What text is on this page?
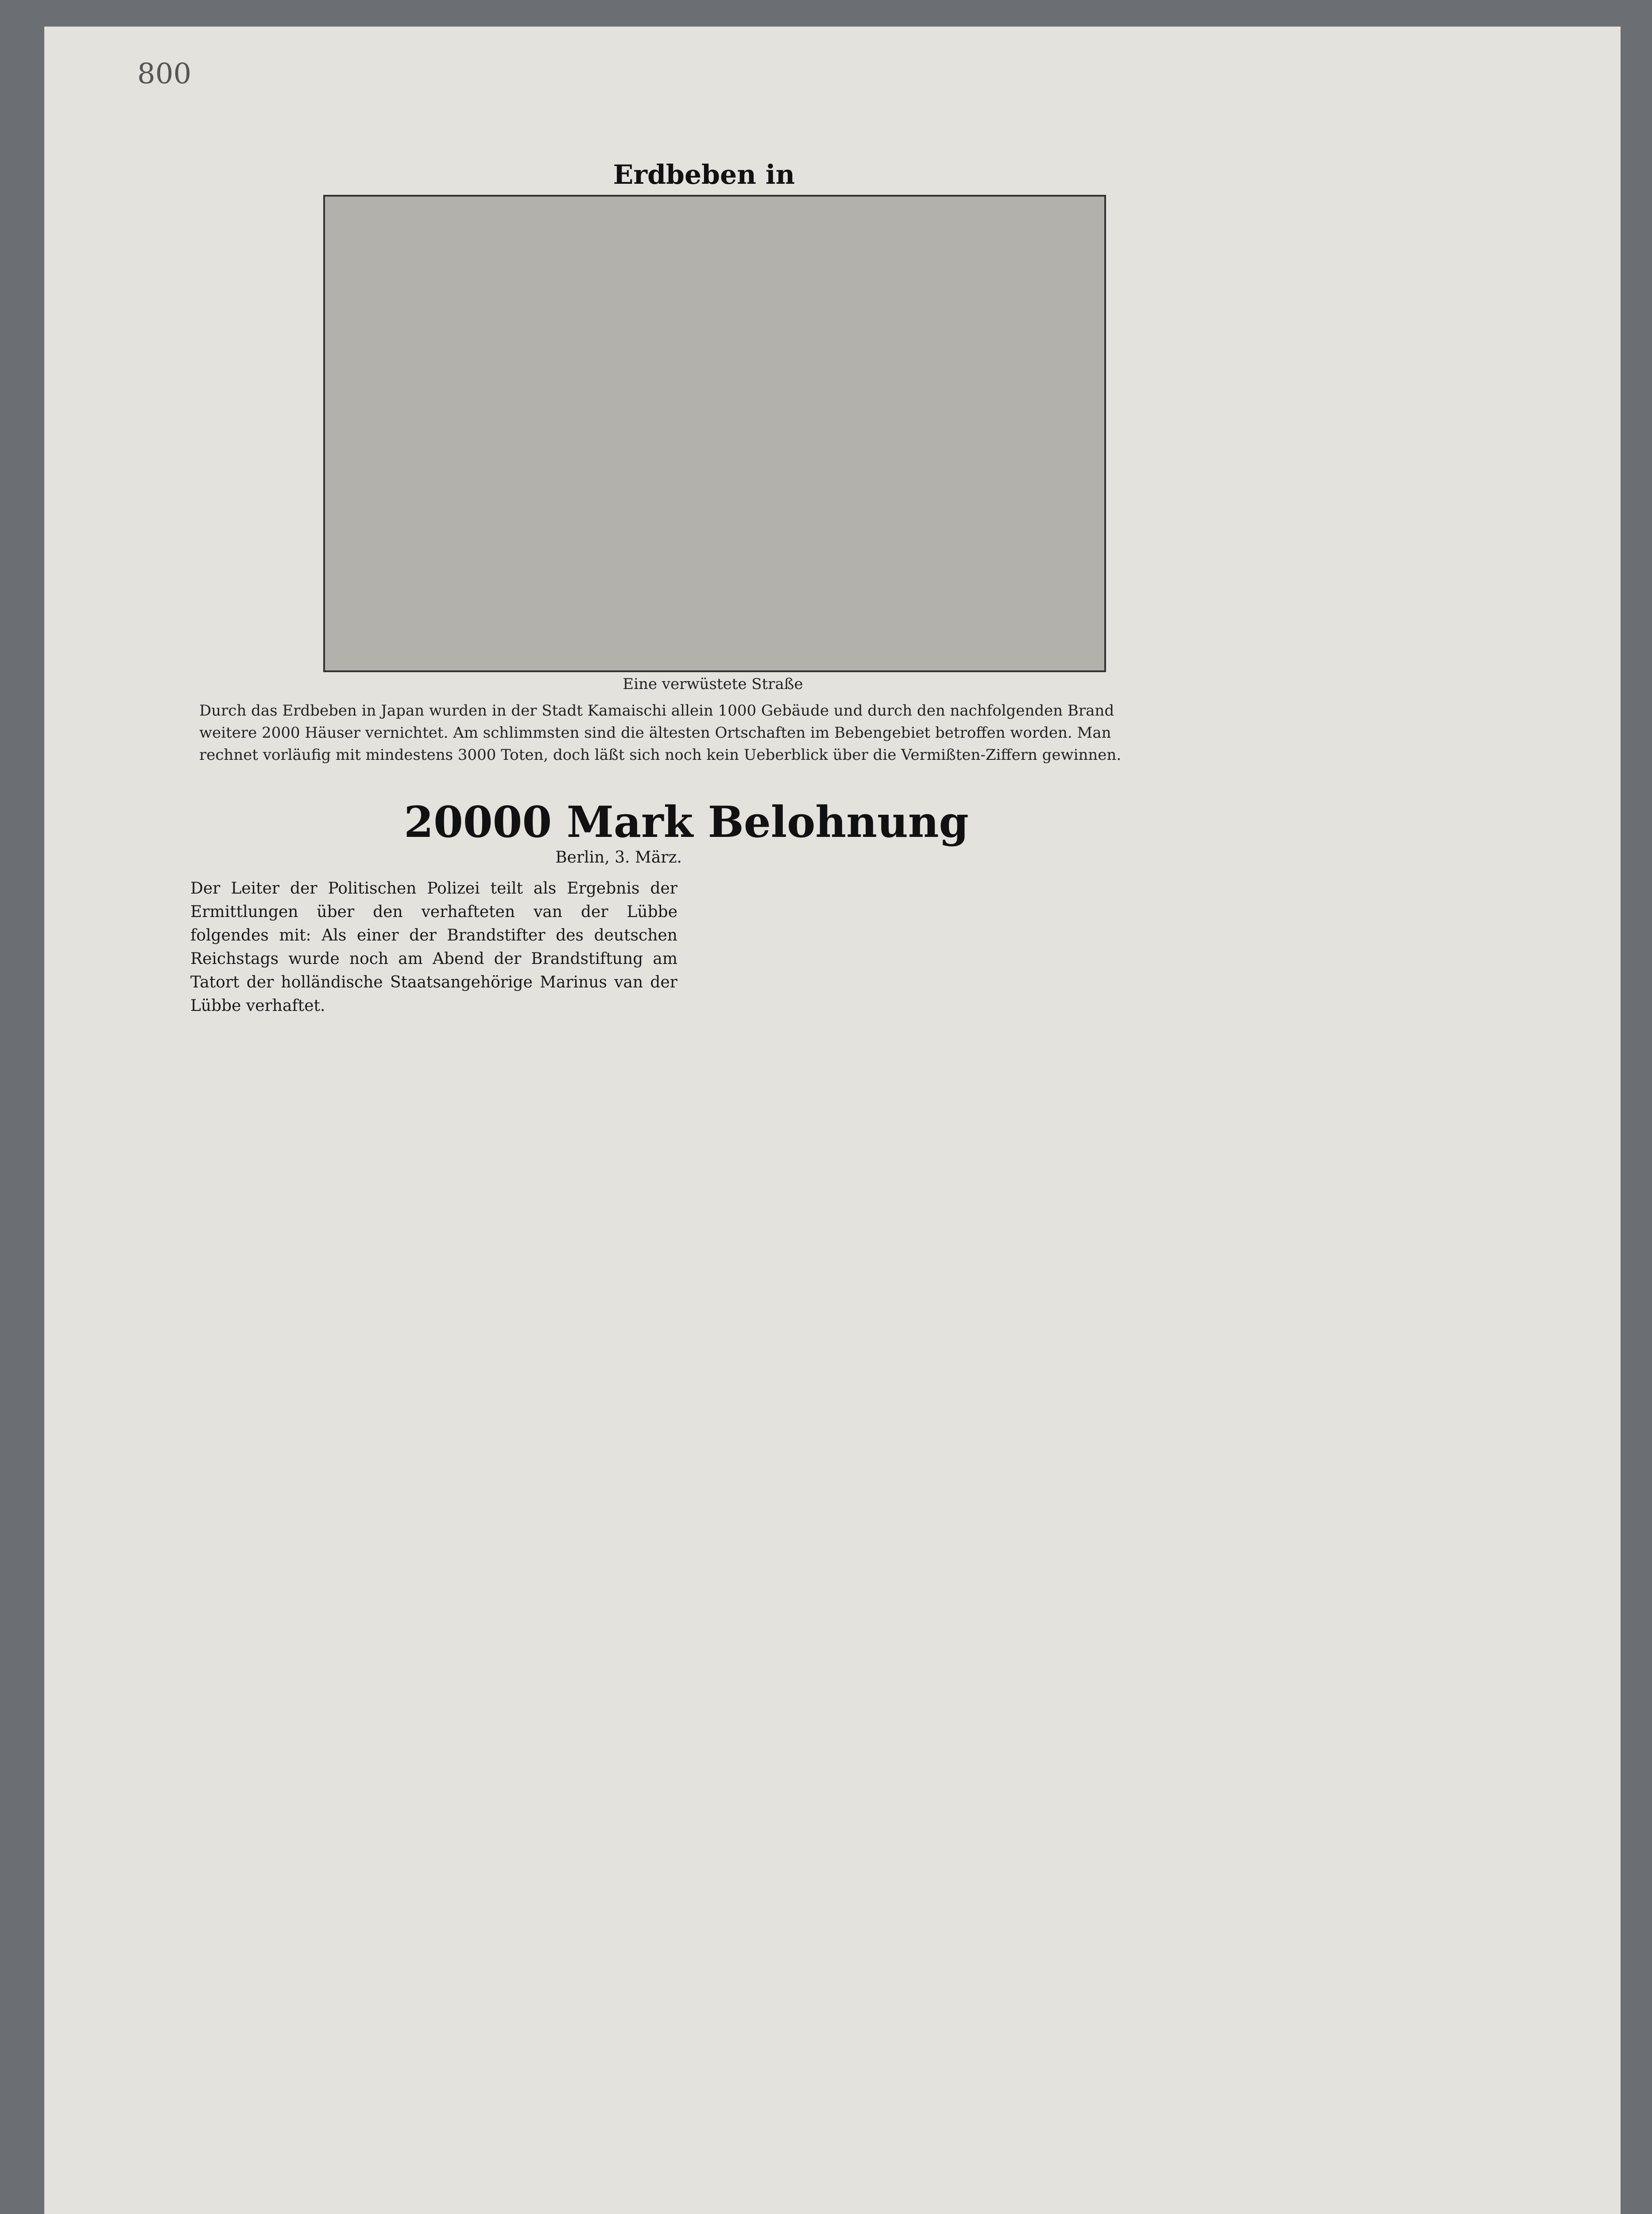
800
Erdbeben in
Eine verwüstete Straße
Durch das Erdbeben in Japan wurden in der Stadt Kamaischi allein 1000 Gebäude und durch den nachfolgenden Brand weitere 2000 Häuser vernichtet. Am schlimmsten sind die ältesten Ortschaften im Bebengebiet betroffen worden. Man rechnet vorläufig mit mindestens 3000 Toten, doch läßt sich noch kein Ueberblick über die Vermißten-Ziffern gewinnen.
20000 Mark Belohnung
Berlin, 3. März.
Der Leiter der Politischen Polizei teilt als Ergebnis der Ermittlungen über den verhafteten van der Lübbe folgendes mit: Als einer der Brandstifter des deutschen Reichstags wurde noch am Abend der Brandstiftung am Tatort der holländische Staatsangehörige Marinus van der Lübbe verhaftet.
